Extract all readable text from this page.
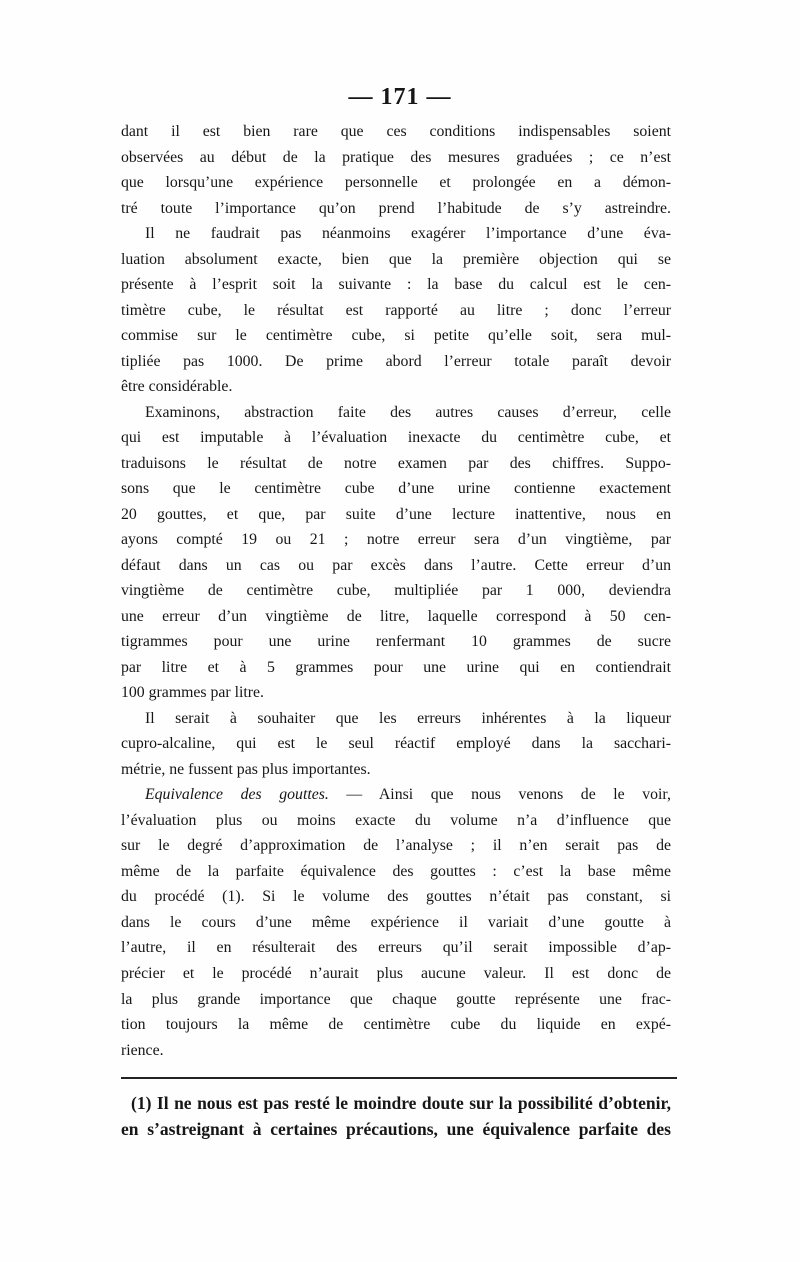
— 171 —
dant il est bien rare que ces conditions indispensables soient
observées au début de la pratique des mesures graduées ; ce n’est
que lorsqu’une expérience personnelle et prolongée en a démon-
tré toute l’importance qu’on prend l’habitude de s’y astreindre.
Il ne faudrait pas néanmoins exagérer l’importance d’une éva-
luation absolument exacte, bien que la première objection qui se
présente à l’esprit soit la suivante : la base du calcul est le cen-
timètre cube, le résultat est rapporté au litre ; donc l’erreur
commise sur le centimètre cube, si petite qu’elle soit, sera mul-
tipliée pas 1000. De prime abord l’erreur totale paraît devoir
être considérable.
Examinons, abstraction faite des autres causes d’erreur, celle
qui est imputable à l’évaluation inexacte du centimètre cube, et
traduisons le résultat de notre examen par des chiffres. Suppo-
sons que le centimètre cube d’une urine contienne exactement
20 gouttes, et que, par suite d’une lecture inattentive, nous en
ayons compté 19 ou 21 ; notre erreur sera d’un vingtième, par
défaut dans un cas ou par excès dans l’autre. Cette erreur d’un
vingtième de centimètre cube, multipliée par 1 000, deviendra
une erreur d’un vingtième de litre, laquelle correspond à 50 cen-
tigrammes pour une urine renfermant 10 grammes de sucre
par litre et à 5 grammes pour une urine qui en contiendrait
100 grammes par litre.
Il serait à souhaiter que les erreurs inhérentes à la liqueur
cupro-alcaline, qui est le seul réactif employé dans la sacchari-
métrie, ne fussent pas plus importantes.
Equivalence des gouttes. — Ainsi que nous venons de le voir,
l’évaluation plus ou moins exacte du volume n’a d’influence que
(1) Il ne nous est pas resté le moindre doute sur la possibilité d’obtenir,
en s’astreignant à certaines précautions, une équivalence parfaite des
sur le degré d’approximation de l’analyse ; il n’en serait pas de
même de la parfaite équivalence des gouttes : c’est la base même
du procédé (1). Si le volume des gouttes n’était pas constant, si
dans le cours d’une même expérience il variait d’une goutte à
l’autre, il en résulterait des erreurs qu’il serait impossible d’ap-
précier et le procédé n’aurait plus aucune valeur. Il est donc de
la plus grande importance que chaque goutte représente une frac-
tion toujours la même de centimètre cube du liquide en expé-
rience.
